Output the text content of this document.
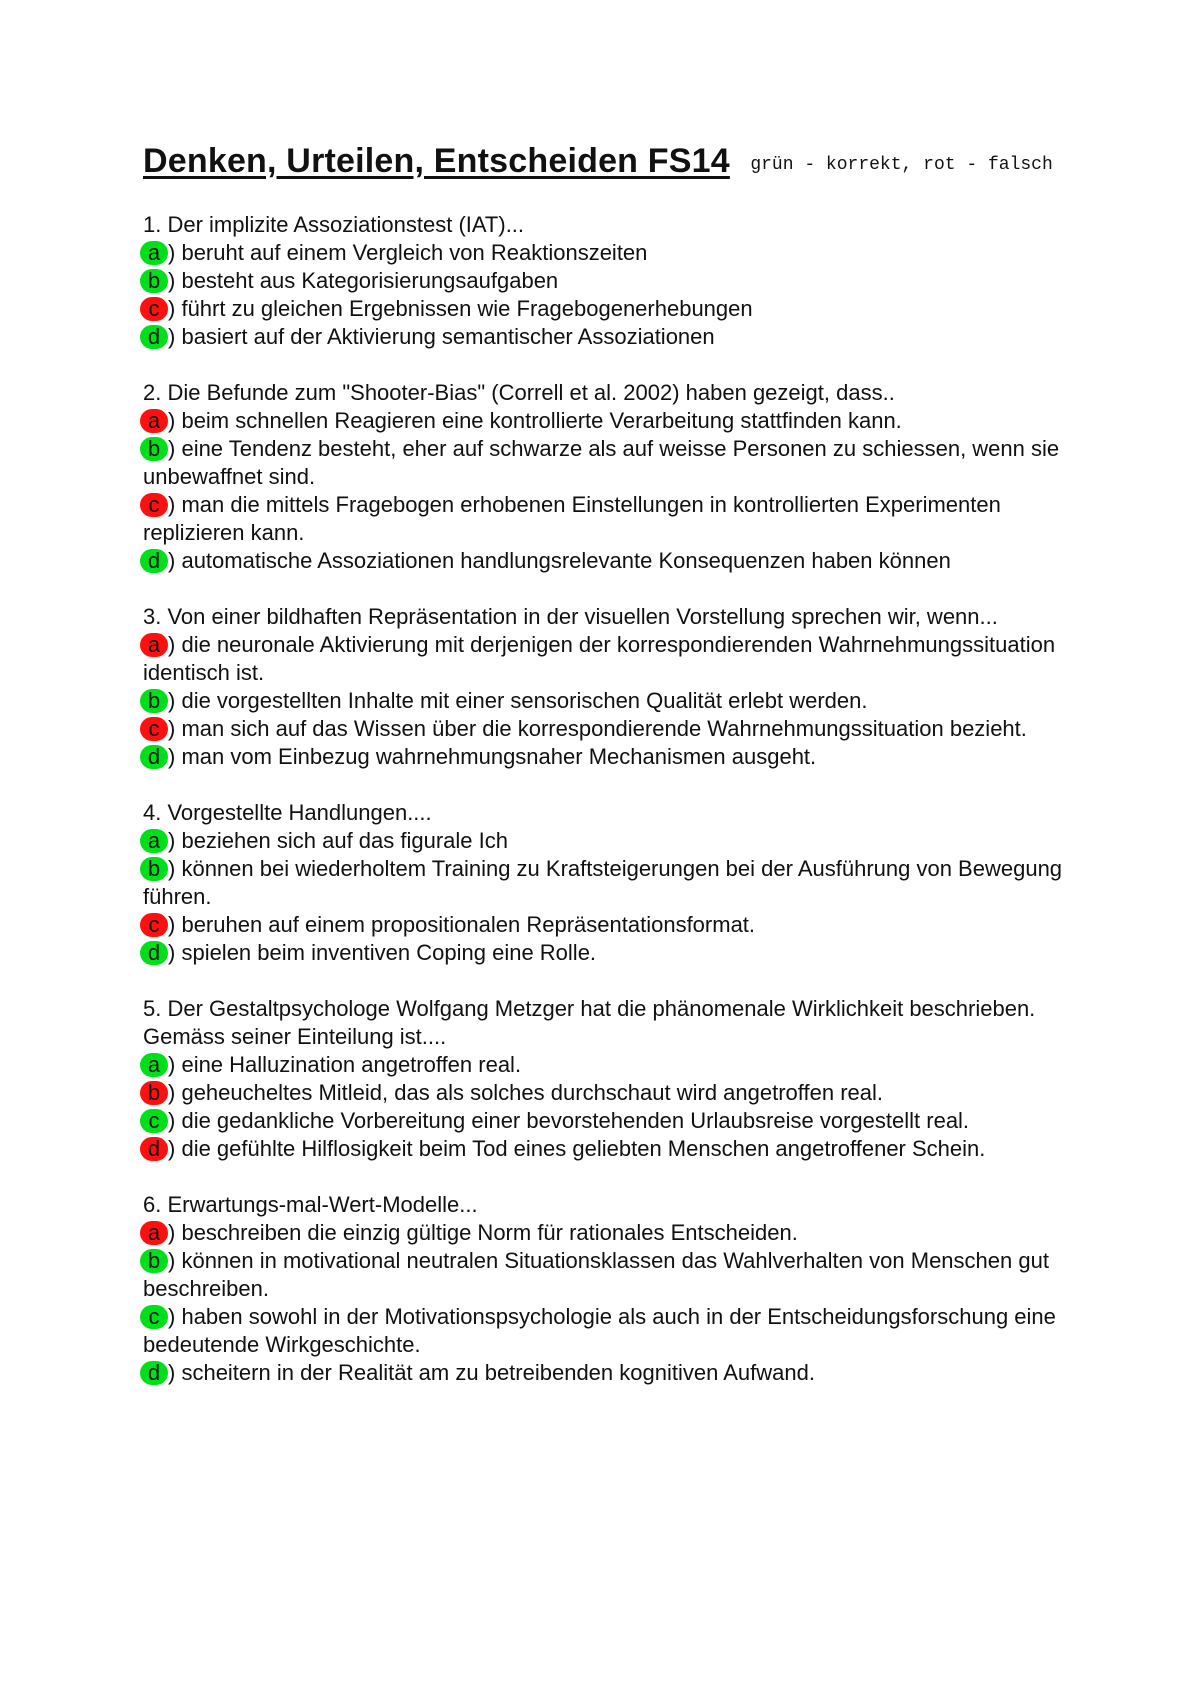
Denken, Urteilen, Entscheiden FS14 grün - korrekt, rot - falsch
1. Der implizite Assoziationstest (IAT)...
a ) beruht auf einem Vergleich von Reaktionszeiten
b ) besteht aus Kategorisierungsaufgaben
c ) führt zu gleichen Ergebnissen wie Fragebogenerhebungen
d ) basiert auf der Aktivierung semantischer Assoziationen
2. Die Befunde zum "Shooter-Bias" (Correll et al. 2002) haben gezeigt, dass..
a ) beim schnellen Reagieren eine kontrollierte Verarbeitung stattfinden kann.
b ) eine Tendenz besteht, eher auf schwarze als auf weisse Personen zu schiessen, wenn sie unbewaffnet sind.
c ) man die mittels Fragebogen erhobenen Einstellungen in kontrollierten Experimenten replizieren kann.
d ) automatische Assoziationen handlungsrelevante Konsequenzen haben können
3. Von einer bildhaften Repräsentation in der visuellen Vorstellung sprechen wir, wenn...
a ) die neuronale Aktivierung mit derjenigen der korrespondierenden Wahrnehmungssituation identisch ist.
b ) die vorgestellten Inhalte mit einer sensorischen Qualität erlebt werden.
c ) man sich auf das Wissen über die korrespondierende Wahrnehmungssituation bezieht.
d ) man vom Einbezug wahrnehmungsnaher Mechanismen ausgeht.
4. Vorgestellte Handlungen....
a ) beziehen sich auf das figurale Ich
b ) können bei wiederholtem Training zu Kraftsteigerungen bei der Ausführung von Bewegung führen.
c ) beruhen auf einem propositionalen Repräsentationsformat.
d ) spielen beim inventiven Coping eine Rolle.
5. Der Gestaltpsychologe Wolfgang Metzger hat die phänomenale Wirklichkeit beschrieben. Gemäss seiner Einteilung ist....
a ) eine Halluzination angetroffen real.
b ) geheucheltes Mitleid, das als solches durchschaut wird angetroffen real.
c ) die gedankliche Vorbereitung einer bevorstehenden Urlaubsreise vorgestellt real.
d ) die gefühlte Hilflosigkeit beim Tod eines geliebten Menschen angetroffener Schein.
6. Erwartungs-mal-Wert-Modelle...
a ) beschreiben die einzig gültige Norm für rationales Entscheiden.
b ) können in motivational neutralen Situationsklassen das Wahlverhalten von Menschen gut beschreiben.
c ) haben sowohl in der Motivationspsychologie als auch in der Entscheidungsforschung eine bedeutende Wirkgeschichte.
d ) scheitern in der Realität am zu betreibenden kognitiven Aufwand.
